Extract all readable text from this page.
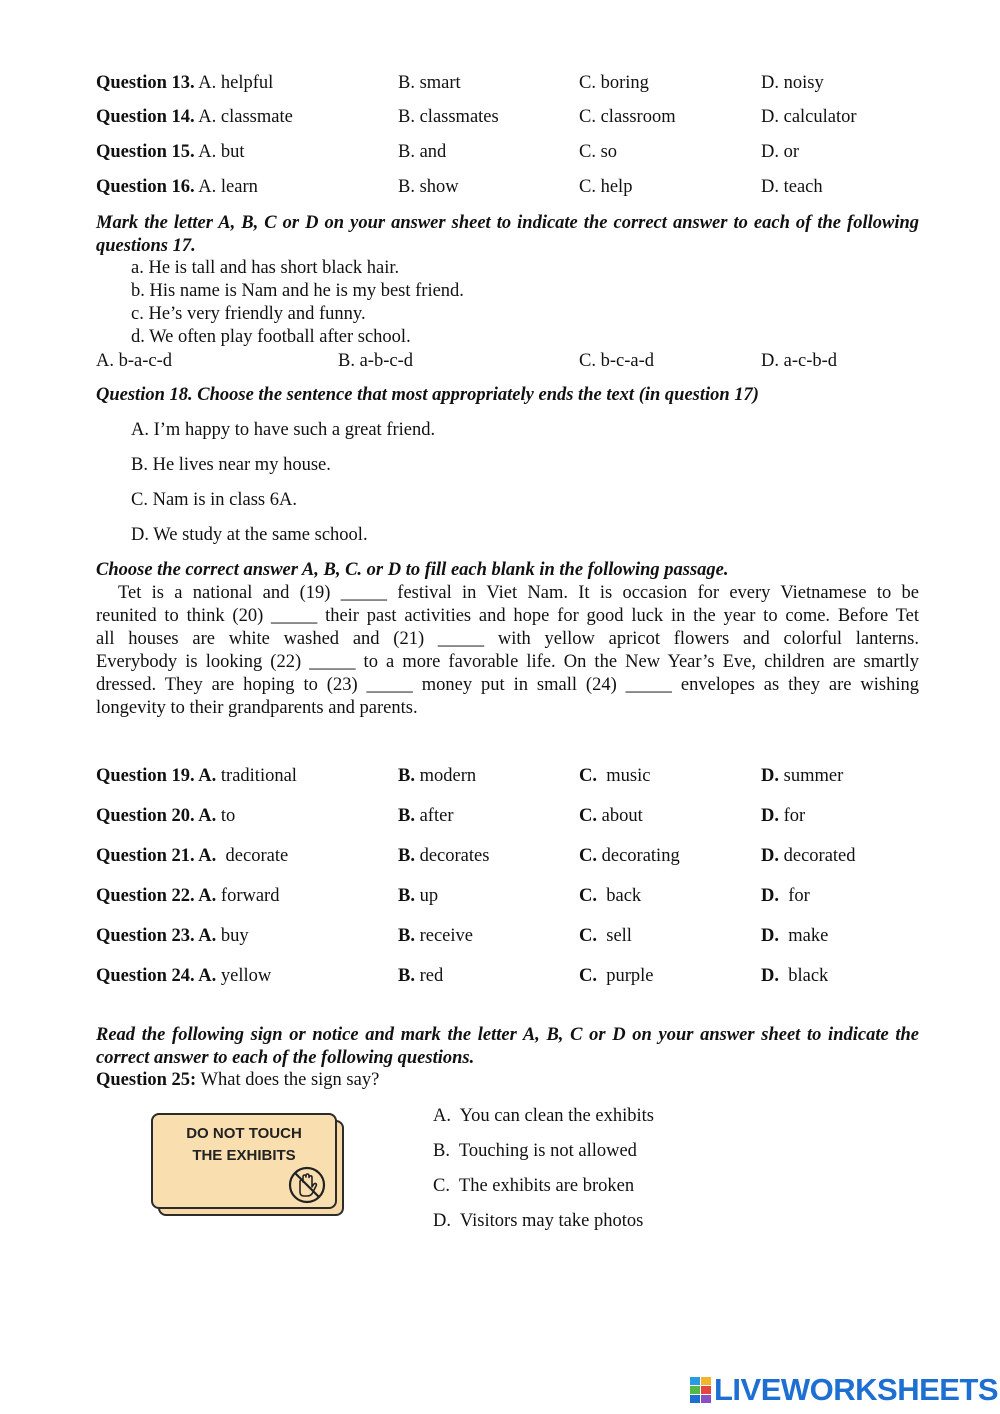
Question 13. A. helpful	B. smart	C. boring	D. noisy
Question 14. A. classmate	B. classmates	C. classroom	D. calculator
Question 15. A. but	B. and	C. so	D. or
Question 16. A. learn	B. show	C. help	D. teach
Mark the letter A, B, C or D on your answer sheet to indicate the correct answer to each of the following questions 17.
a. He is tall and has short black hair.
b. His name is Nam and he is my best friend.
c. He’s very friendly and funny.
d. We often play football after school.
A. b-a-c-d	B. a-b-c-d	C. b-c-a-d	D. a-c-b-d
Question 18. Choose the sentence that most appropriately ends the text (in question 17)
A. I’m happy to have such a great friend.
B. He lives near my house.
C. Nam is in class 6A.
D. We study at the same school.
Choose the correct answer A, B, C. or D to fill each blank in the following passage.
Tet is a national and (19) _____ festival in Viet Nam. It is occasion for every Vietnamese to be
reunited to think (20) _____ their past activities and hope for good luck in the year to come. Before Tet
all houses are white washed and (21) _____ with yellow apricot flowers and colorful lanterns.
Everybody is looking (22) _____ to a more favorable life. On the New Year’s Eve, children are smartly
dressed. They are hoping to (23) _____ money put in small (24) _____ envelopes as they are wishing
longevity to their grandparents and parents.
Question 19. A. traditional	B. modern	C. music	D. summer
Question 20. A. to	B. after	C. about	D. for
Question 21. A. decorate	B. decorates	C. decorating	D. decorated
Question 22. A. forward	B. up	C. back	D. for
Question 23. A. buy	B. receive	C. sell	D. make
Question 24. A. yellow	B. red	C. purple	D. black
Read the following sign or notice and mark the letter A, B, C or D on your answer sheet to indicate the correct answer to each of the following questions.
Question 25: What does the sign say?
DO NOT TOUCH
THE EXHIBITS
A. You can clean the exhibits
B. Touching is not allowed
C. The exhibits are broken
D. Visitors may take photos
LIVEWORKSHEETS
